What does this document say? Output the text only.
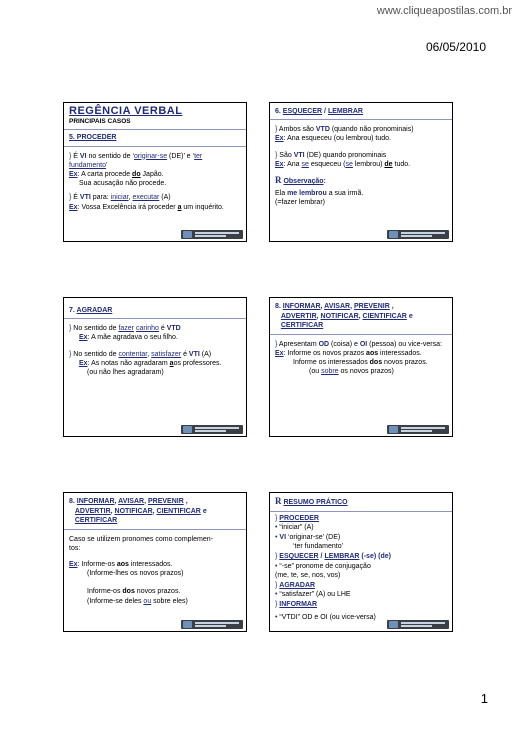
www.cliqueapostilas.com.br
06/05/2010
REGÊNCIA VERBAL
PRINCIPAIS CASOS
5. PROCEDER
} É VI no sentido de ‘originar-se (DE)’ e ‘ter fundamento’
Ex: A carta procede do Japão.
Sua acusação não procede.
} É VTI para: iniciar, executar (A)
Ex: Vossa Excelência irá proceder a um inquérito.
6. ESQUECER / LEMBRAR
} Ambos são VTD (quando não pronominais)
Ex: Ana esqueceu (ou lembrou) tudo.
} São VTI (DE) quando pronominais
Ex: Ana se esqueceu (se lembrou) de tudo.
R Observação:
Ela me lembrou a sua irmã.
(=fazer lembrar)
7. AGRADAR
} No sentido de fazer carinho é VTD
Ex: A mãe agradava o seu filho.
} No sentido de contentar, satisfazer é VTI (A)
Ex: As notas não agradaram aos professores.
(ou não lhes agradaram)
8. INFORMAR, AVISAR, PREVENIR ,
ADVERTIR, NOTIFICAR, CIENTIFICAR e
CERTIFICAR
} Apresentam OD (coisa) e OI (pessoa) ou vice-versa:
Ex: Informe os novos prazos aos interessados.
Informe os interessados dos novos prazos.
(ou sobre os novos prazos)
8. INFORMAR, AVISAR, PREVENIR ,
ADVERTIR, NOTIFICAR, CIENTIFICAR e
CERTIFICAR
Caso se utilizem pronomes como complemen-tos:
Ex: Informe-os aos interessados.
(Informe-lhes os novos prazos)
Informe-os dos novos prazos.
(Informe-se deles ou sobre eles)
R RESUMO PRÁTICO
} PROCEDER
• “iniciar” (A)
• VI ‘originar-se’ (DE)
‘ter fundamento’
} ESQUECER / LEMBRAR (-se) (de)
• “-se” pronome de conjugação
(me, te, se, nos, vos)
} AGRADAR
• “satisfazer” (A) ou LHE
} INFORMAR
• “VTDI” OD e OI (ou vice-versa)
1
